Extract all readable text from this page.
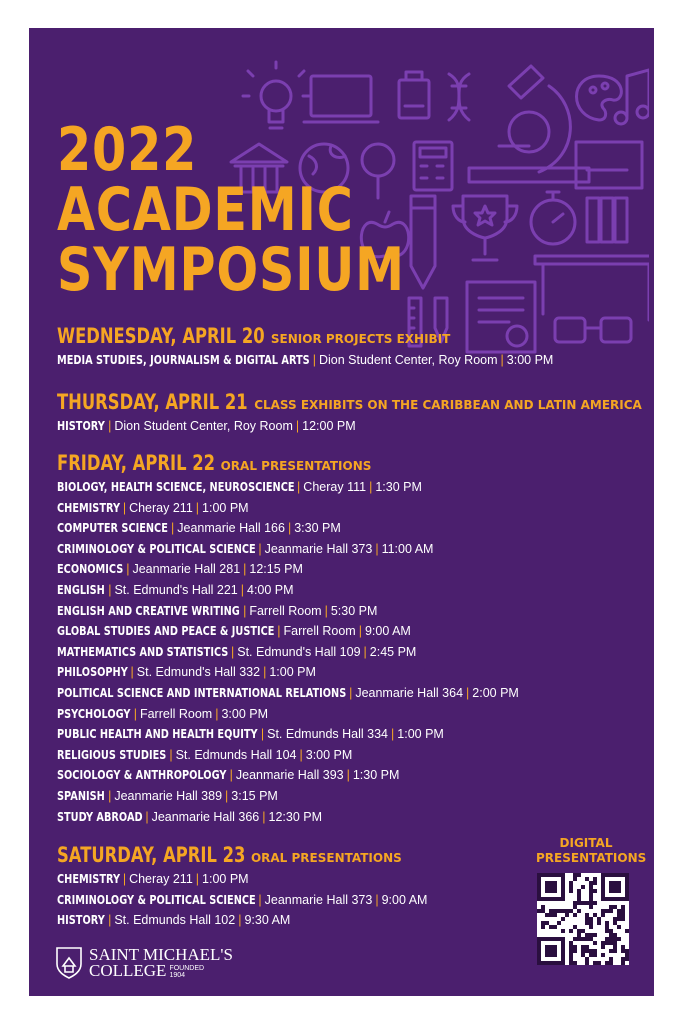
2022
ACADEMIC
SYMPOSIUM
WEDNESDAY, APRIL 20 SENIOR PROJECTS EXHIBIT
MEDIA STUDIES, JOURNALISM & DIGITAL ARTS | Dion Student Center, Roy Room | 3:00 PM
THURSDAY, APRIL 21 CLASS EXHIBITS ON THE CARIBBEAN AND LATIN AMERICA
HISTORY | Dion Student Center, Roy Room | 12:00 PM
FRIDAY, APRIL 22 ORAL PRESENTATIONS
BIOLOGY, HEALTH SCIENCE, NEUROSCIENCE | Cheray 111 | 1:30 PM
CHEMISTRY | Cheray 211 | 1:00 PM
COMPUTER SCIENCE | Jeanmarie Hall 166 | 3:30 PM
CRIMINOLOGY & POLITICAL SCIENCE | Jeanmarie Hall 373 | 11:00 AM
ECONOMICS | Jeanmarie Hall 281 | 12:15 PM
ENGLISH | St. Edmund's Hall 221 | 4:00 PM
ENGLISH AND CREATIVE WRITING | Farrell Room | 5:30 PM
GLOBAL STUDIES AND PEACE & JUSTICE | Farrell Room | 9:00 AM
MATHEMATICS AND STATISTICS | St. Edmund's Hall 109 | 2:45 PM
PHILOSOPHY | St. Edmund's Hall 332 | 1:00 PM
POLITICAL SCIENCE AND INTERNATIONAL RELATIONS | Jeanmarie Hall 364 | 2:00 PM
PSYCHOLOGY | Farrell Room | 3:00 PM
PUBLIC HEALTH AND HEALTH EQUITY | St. Edmunds Hall 334 | 1:00 PM
RELIGIOUS STUDIES | St. Edmunds Hall 104 | 3:00 PM
SOCIOLOGY & ANTHROPOLOGY | Jeanmarie Hall 393 | 1:30 PM
SPANISH | Jeanmarie Hall 389 | 3:15 PM
STUDY ABROAD | Jeanmarie Hall 366 | 12:30 PM
SATURDAY, APRIL 23 ORAL PRESENTATIONS
CHEMISTRY | Cheray 211 | 1:00 PM
CRIMINOLOGY & POLITICAL SCIENCE | Jeanmarie Hall 373 | 9:00 AM
HISTORY | St. Edmunds Hall 102 | 9:30 AM
DIGITAL
PRESENTATIONS
SAINT MICHAEL'S
COLLEGE FOUNDED
1904
